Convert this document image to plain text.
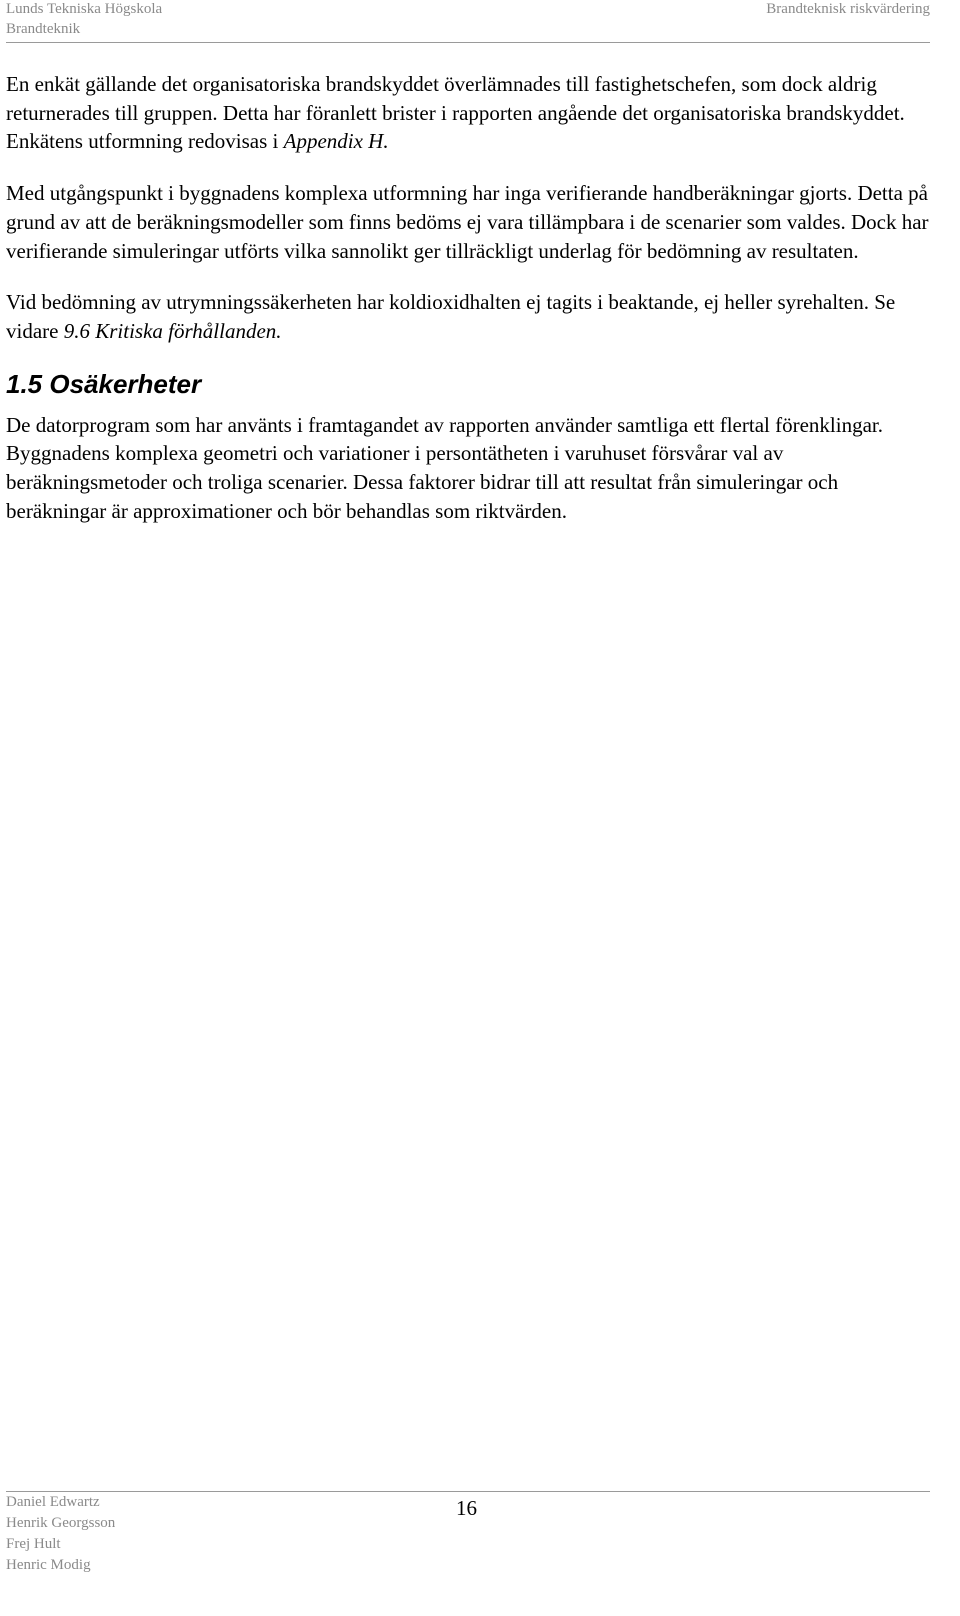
Lunds Tekniska Högskola
Brandteknik
Brandteknisk riskvärdering

En enkät gällande det organisatoriska brandskyddet överlämnades till fastighetschefen, som dock aldrig returnerades till gruppen. Detta har föranlett brister i rapporten angående det organisatoriska brandskyddet. Enkätens utformning redovisas i Appendix H.

Med utgångspunkt i byggnadens komplexa utformning har inga verifierande handberäkningar gjorts. Detta på grund av att de beräkningsmodeller som finns bedöms ej vara tillämpbara i de scenarier som valdes. Dock har verifierande simuleringar utförts vilka sannolikt ger tillräckligt underlag för bedömning av resultaten.

Vid bedömning av utrymningssäkerheten har koldioxidhalten ej tagits i beaktande, ej heller syrehalten. Se vidare 9.6 Kritiska förhållanden.

1.5 Osäkerheter

De datorprogram som har använts i framtagandet av rapporten använder samtliga ett flertal förenklingar. Byggnadens komplexa geometri och variationer i persontätheten i varuhuset försvårar val av beräkningsmetoder och troliga scenarier. Dessa faktorer bidrar till att resultat från simuleringar och beräkningar är approximationer och bör behandlas som riktvärden.

Daniel Edwartz
Henrik Georgsson
Frej Hult
Henric Modig
16
